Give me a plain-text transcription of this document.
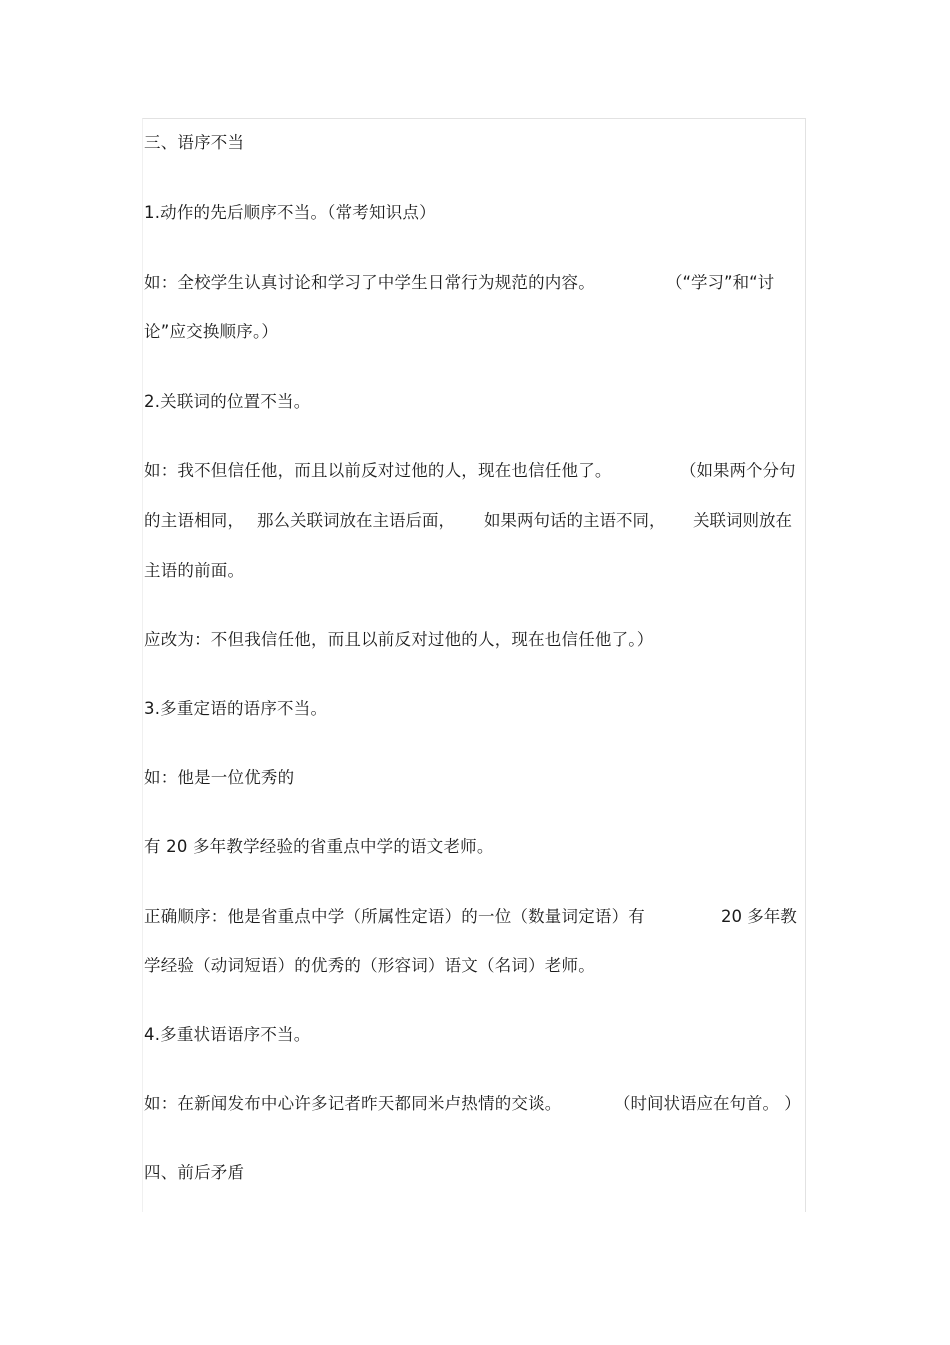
三、语序不当
1.动作的先后顺序不当。（常考知识点）
如：全校学生认真讨论和学习了中学生日常行为规范的内容。	（“学习”和“讨
论”应交换顺序。）
2.关联词的位置不当。
如：我不但信任他，而且以前反对过他的人，现在也信任他了。	（如果两个分句
的主语相同， 那么关联词放在主语后面， 如果两句话的主语不同， 关联词则放在
主语的前面。
应改为：不但我信任他，而且以前反对过他的人，现在也信任他了。）
3.多重定语的语序不当。
如：他是一位优秀的
有 20 多年教学经验的省重点中学的语文老师。
正确顺序：他是省重点中学（所属性定语）的一位（数量词定语）有	20 多年教
学经验（动词短语）的优秀的（形容词）语文（名词）老师。
4.多重状语语序不当。
如：在新闻发布中心许多记者昨天都同米卢热情的交谈。	（时间状语应在句首。 ）
四、前后矛盾
